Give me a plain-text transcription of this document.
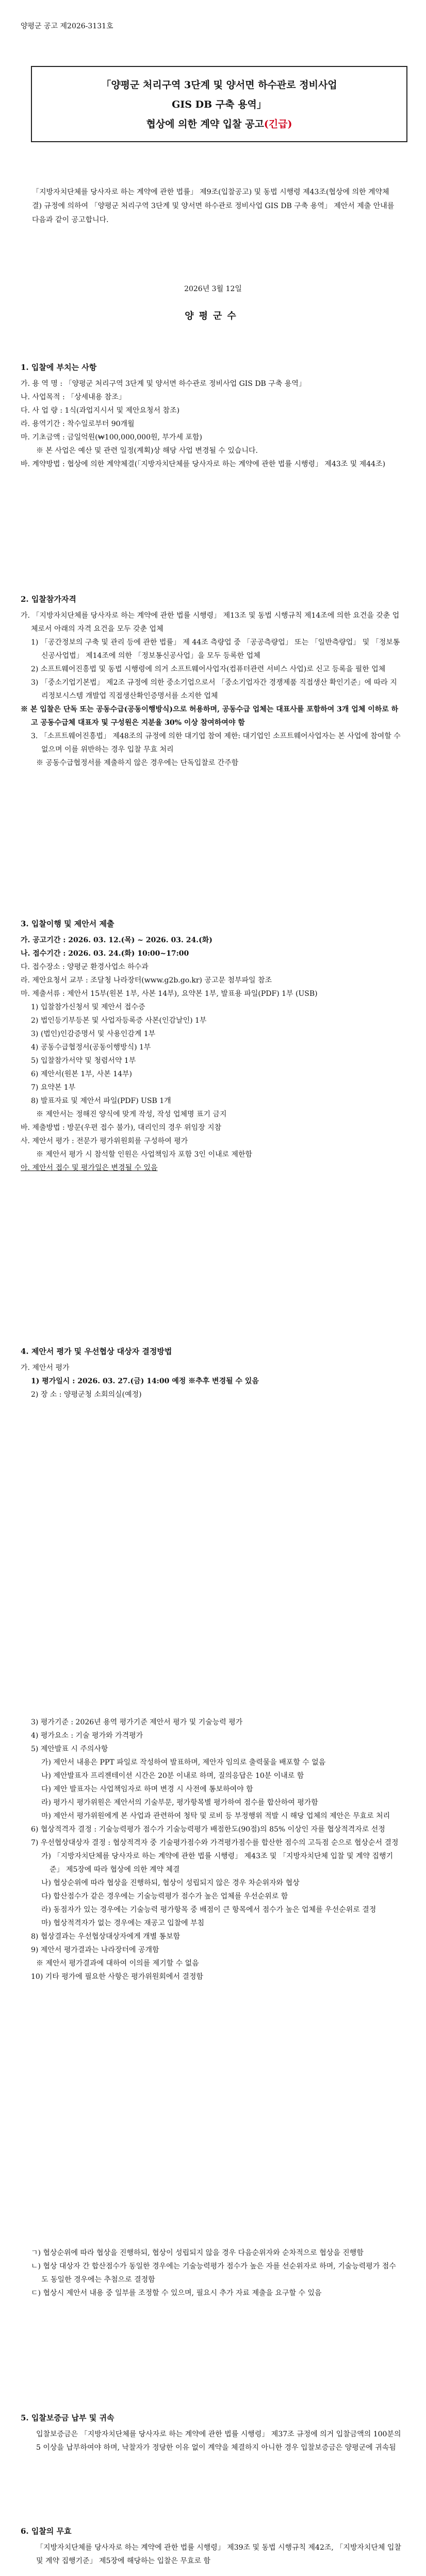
양평군 공고 제2026-3131호
「양평군 처리구역 3단계 및 양서면 하수관로 정비사업
GIS DB 구축 용역」
협상에 의한 계약 입찰 공고(긴급)
「지방자치단체를 당사자로 하는 계약에 관한 법률」 제9조(입찰공고) 및 동법 시행령 제43조(협상에 의한 계약체결) 규정에 의하여 「양평군 처리구역 3단계 및 양서면 하수관로 정비사업 GIS DB 구축 용역」 제안서 제출 안내를 다음과 같이 공고합니다.
2026년 3월 12일
양평군수
1. 입찰에 부치는 사항

가. 용 역 명 : 「양평군 처리구역 3단계 및 양서면 하수관로 정비사업 GIS DB 구축 용역」

나. 사업목적 : 「상세내용 참조」

다. 사 업 량 : 1식(과업지시서 및 제안요청서 참조)

라. 용역기간 : 착수일로부터 90개월

마. 기초금액 : 금일억원(₩100,000,000원, 부가세 포함)

※ 본 사업은 예산 및 관련 일정(계획)상 해당 사업 변경될 수 있습니다.

바. 계약방법 : 협상에 의한 계약체결(「지방자치단체를 당사자로 하는 계약에 관한 법률 시행령」 제43조 및 제44조)

2. 입찰참가자격

가. 「지방자치단체를 당사자로 하는 계약에 관한 법률 시행령」 제13조 및 동법 시행규칙 제14조에 의한 요건을 갖춘 업체로서 아래의 자격 요건을 모두 갖춘 업체

1) 「공간정보의 구축 및 관리 등에 관한 법률」 제 44조 측량업 중 「공공측량업」 또는 「일반측량업」 및 「정보통신공사업법」 제14조에 의한 「정보통신공사업」을 모두 등록한 업체

2) 소프트웨어진흥법 및 동법 시행령에 의거 소프트웨어사업자(컴퓨터관련 서비스 사업)로 신고 등록을 필한 업체

3) 「중소기업기본법」 제2조 규정에 의한 중소기업으로서 「중소기업자간 경쟁제품 직접생산 확인기준」에 따라 지리정보시스템 개발업 직접생산확인증명서를 소지한 업체

※ 본 입찰은 단독 또는 공동수급(공동이행방식)으로 허용하며, 공동수급 업체는 대표사를 포함하여 3개 업체 이하로 하고 공동수급체 대표자 및 구성원은 지분율 30% 이상 참여하여야 함

3. 「소프트웨어진흥법」 제48조의 규정에 의한 대기업 참여 제한: 대기업인 소프트웨어사업자는 본 사업에 참여할 수 없으며 이를 위반하는 경우 입찰 무효 처리

※ 공동수급협정서를 제출하지 않은 경우에는 단독입찰로 간주함

3. 입찰이행 및 제안서 제출

가. 공고기간 : 2026. 03. 12.(목) ~ 2026. 03. 24.(화)

나. 접수기간 : 2026. 03. 24.(화) 10:00~17:00

다. 접수장소 : 양평군 환경사업소 하수과

라. 제안요청서 교부 : 조달청 나라장터(www.g2b.go.kr) 공고문 첨부파일 참조

마. 제출서류 : 제안서 15부(원본 1부, 사본 14부), 요약본 1부, 발표용 파일(PDF) 1부 (USB)

1) 입찰참가신청서 및 제안서 접수증

2) 법인등기부등본 및 사업자등록증 사본(인감날인) 1부

3) (법인)인감증명서 및 사용인감계 1부

4) 공동수급협정서(공동이행방식) 1부

5) 입찰참가서약 및 청렴서약 1부

6) 제안서(원본 1부, 사본 14부)

7) 요약본 1부

8) 발표자료 및 제안서 파일(PDF) USB 1개

※ 제안서는 정해진 양식에 맞게 작성, 작성 업체명 표기 금지

바. 제출방법 : 방문(우편 접수 불가), 대리인의 경우 위임장 지참

사. 제안서 평가 : 전문가 평가위원회를 구성하여 평가

※ 제안서 평가 시 참석할 인원은 사업책임자 포함 3인 이내로 제한함

아. 제안서 접수 및 평가일은 변경될 수 있음

4. 제안서 평가 및 우선협상 대상자 결정방법

가. 제안서 평가

1) 평가일시 : 2026. 03. 27.(금) 14:00 예정 ※추후 변경될 수 있음

2) 장 소 : 양평군청 소회의실(예정)

3) 평가기준 : 2026년 용역 평가기준 제안서 평가 및 기술능력 평가

4) 평가요소 : 기술 평가와 가격평가

5) 제안발표 시 주의사항

가) 제안서 내용은 PPT 파일로 작성하여 발표하며, 제안자 임의로 출력물을 배포할 수 없음

나) 제안발표자 프리젠테이션 시간은 20분 이내로 하며, 질의응답은 10분 이내로 함

다) 제안 발표자는 사업책임자로 하며 변경 시 사전에 통보하여야 함

라) 평가시 평가위원은 제안서의 기술부문, 평가항목별 평가하여 점수를 합산하여 평가함

마) 제안서 평가위원에게 본 사업과 관련하여 청탁 및 로비 등 부정행위 적발 시 해당 업체의 제안은 무효로 처리

6) 협상적격자 결정 : 기술능력평가 점수가 기술능력평가 배점한도(90점)의 85% 이상인 자를 협상적격자로 선정

7) 우선협상대상자 결정 : 협상적격자 중 기술평가점수와 가격평가점수를 합산한 점수의 고득점 순으로 협상순서 결정

가) 「지방자치단체를 당사자로 하는 계약에 관한 법률 시행령」 제43조 및 「지방자치단체 입찰 및 계약 집행기준」 제5장에 따라 협상에 의한 계약 체결

나) 협상순위에 따라 협상을 진행하되, 협상이 성립되지 않은 경우 차순위자와 협상

다) 합산점수가 같은 경우에는 기술능력평가 점수가 높은 업체를 우선순위로 함

라) 동점자가 있는 경우에는 기술능력 평가항목 중 배점이 큰 항목에서 점수가 높은 업체를 우선순위로 결정

마) 협상적격자가 없는 경우에는 재공고 입찰에 부침

8) 협상결과는 우선협상대상자에게 개별 통보함

9) 제안서 평가결과는 나라장터에 공개함

※ 제안서 평가결과에 대하여 이의를 제기할 수 없음

10) 기타 평가에 필요한 사항은 평가위원회에서 결정함

ㄱ) 협상순위에 따라 협상을 진행하되, 협상이 성립되지 않을 경우 다음순위자와 순차적으로 협상을 진행함

ㄴ) 협상 대상자 간 합산점수가 동일한 경우에는 기술능력평가 점수가 높은 자를 선순위자로 하며, 기술능력평가 점수도 동일한 경우에는 추첨으로 결정함

ㄷ) 협상시 제안서 내용 중 일부를 조정할 수 있으며, 필요시 추가 자료 제출을 요구할 수 있음

5. 입찰보증금 납부 및 귀속

입찰보증금은 「지방자치단체를 당사자로 하는 계약에 관한 법률 시행령」 제37조 규정에 의거 입찰금액의 100분의 5 이상을 납부하여야 하며, 낙찰자가 정당한 이유 없이 계약을 체결하지 아니한 경우 입찰보증금은 양평군에 귀속됨

6. 입찰의 무효

「지방자치단체를 당사자로 하는 계약에 관한 법률 시행령」 제39조 및 동법 시행규칙 제42조, 「지방자치단체 입찰 및 계약 집행기준」 제5장에 해당하는 입찰은 무효로 함
